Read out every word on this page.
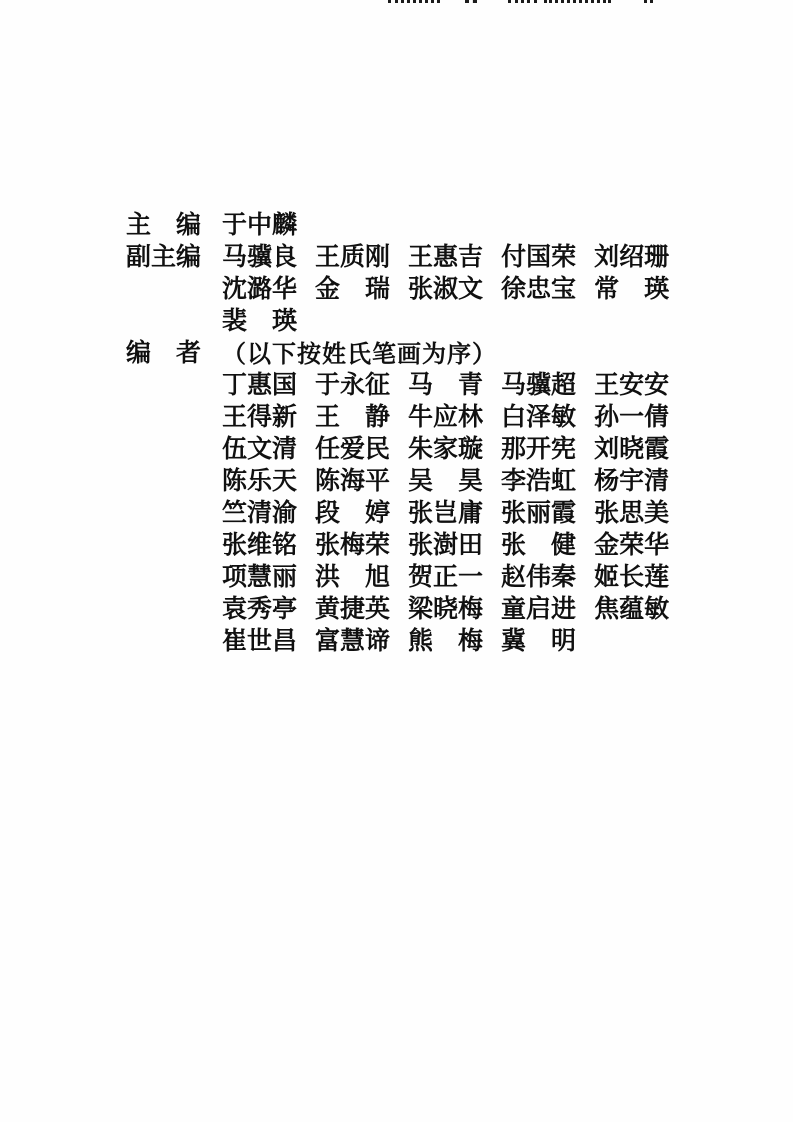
主　编 于中麟
副主编 马骥良 王质刚 王惠吉 付国荣 刘绍珊
沈潞华 金　瑞 张淑文 徐忠宝 常　瑛
裴　瑛
编　者 （以下按姓氏笔画为序）
丁惠国 于永征 马　青 马骥超 王安安
王得新 王　静 牛应林 白泽敏 孙一倩
伍文清 任爱民 朱家璇 那开宪 刘晓霞
陈乐天 陈海平 吴　昊 李浩虹 杨宇清
竺清渝 段　婷 张岂庸 张丽霞 张思美
张维铭 张梅荣 张澍田 张　健 金荣华
项慧丽 洪　旭 贺正一 赵伟秦 姬长莲
袁秀亭 黄捷英 梁晓梅 童启进 焦蕴敏
崔世昌 富慧谛 熊　梅 冀　明
